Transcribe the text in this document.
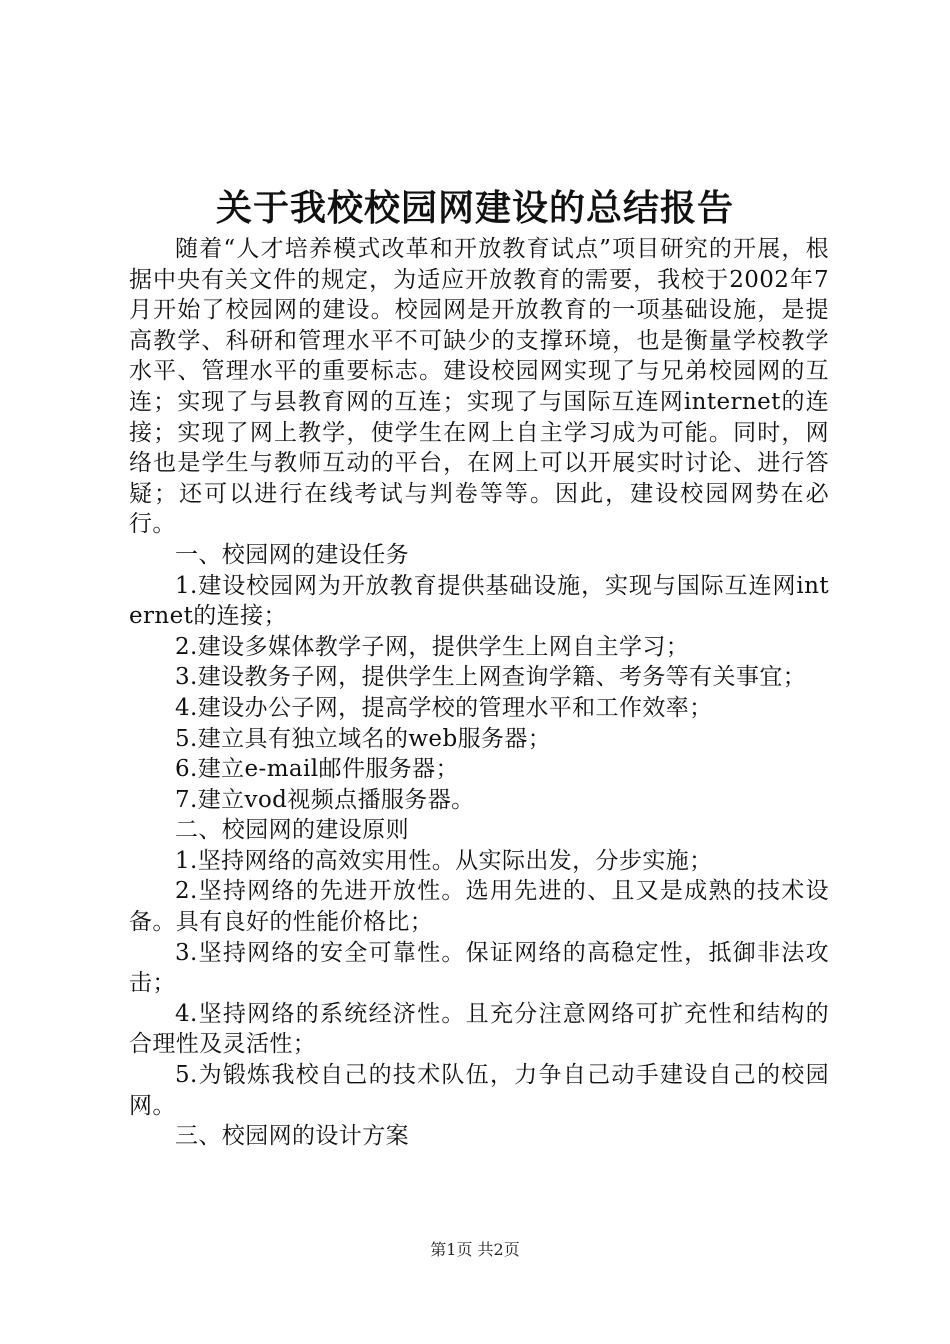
关于我校校园网建设的总结报告

随着“人才培养模式改革和开放教育试点”项目研究的开展，根据中央有关文件的规定，为适应开放教育的需要，我校于2002年7月开始了校园网的建设。校园网是开放教育的一项基础设施，是提高教学、科研和管理水平不可缺少的支撑环境，也是衡量学校教学水平、管理水平的重要标志。建设校园网实现了与兄弟校园网的互连；实现了与县教育网的互连；实现了与国际互连网internet的连接；实现了网上教学，使学生在网上自主学习成为可能。同时，网络也是学生与教师互动的平台，在网上可以开展实时讨论、进行答疑；还可以进行在线考试与判卷等等。因此，建设校园网势在必行。

一、校园网的建设任务

1.建设校园网为开放教育提供基础设施，实现与国际互连网internet的连接；

2.建设多媒体教学子网，提供学生上网自主学习；

3.建设教务子网，提供学生上网查询学籍、考务等有关事宜；

4.建设办公子网，提高学校的管理水平和工作效率；

5.建立具有独立域名的web服务器；

6.建立e-mail邮件服务器；

7.建立vod视频点播服务器。

二、校园网的建设原则

1.坚持网络的高效实用性。从实际出发，分步实施；

2.坚持网络的先进开放性。选用先进的、且又是成熟的技术设备。具有良好的性能价格比；

3.坚持网络的安全可靠性。保证网络的高稳定性，抵御非法攻击；

4.坚持网络的系统经济性。且充分注意网络可扩充性和结构的合理性及灵活性；

5.为锻炼我校自己的技术队伍，力争自己动手建设自己的校园网。

三、校园网的设计方案

第1页 共2页
